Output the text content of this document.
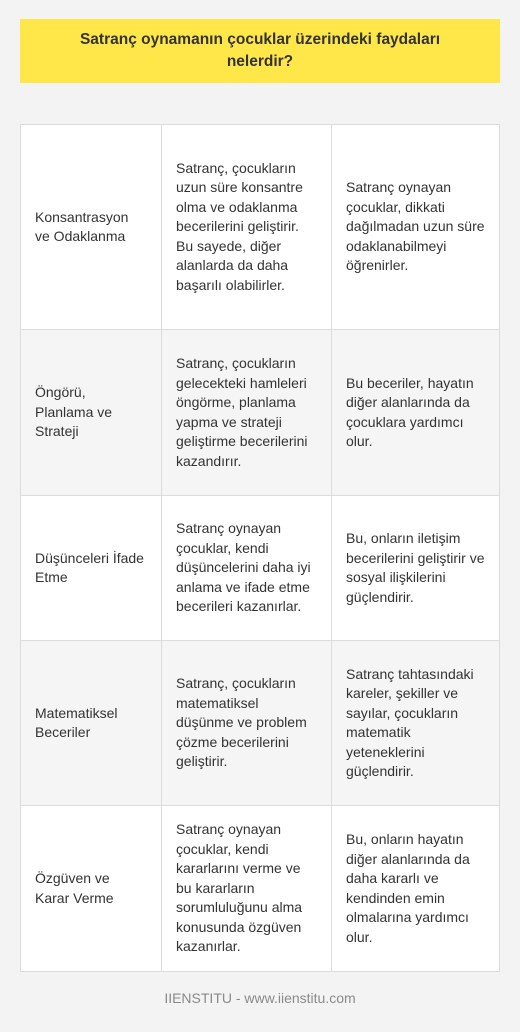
Satranç oynamanın çocuklar üzerindeki faydaları nelerdir?
Konsantrasyon ve Odaklanma
Satranç, çocukların uzun süre konsantre olma ve odaklanma becerilerini geliştirir. Bu sayede, diğer alanlarda da daha başarılı olabilirler.
Satranç oynayan çocuklar, dikkati dağılmadan uzun süre odaklanabilmeyi öğrenirler.
Öngörü, Planlama ve Strateji
Satranç, çocukların gelecekteki hamleleri öngörme, planlama yapma ve strateji geliştirme becerilerini kazandırır.
Bu beceriler, hayatın diğer alanlarında da çocuklara yardımcı olur.
Düşünceleri İfade Etme
Satranç oynayan çocuklar, kendi düşüncelerini daha iyi anlama ve ifade etme becerileri kazanırlar.
Bu, onların iletişim becerilerini geliştirir ve sosyal ilişkilerini güçlendirir.
Matematiksel Beceriler
Satranç, çocukların matematiksel düşünme ve problem çözme becerilerini geliştirir.
Satranç tahtasındaki kareler, şekiller ve sayılar, çocukların matematik yeteneklerini güçlendirir.
Özgüven ve Karar Verme
Satranç oynayan çocuklar, kendi kararlarını verme ve bu kararların sorumluluğunu alma konusunda özgüven kazanırlar.
Bu, onların hayatın diğer alanlarında da daha kararlı ve kendinden emin olmalarına yardımcı olur.
IIENSTITU - www.iienstitu.com
